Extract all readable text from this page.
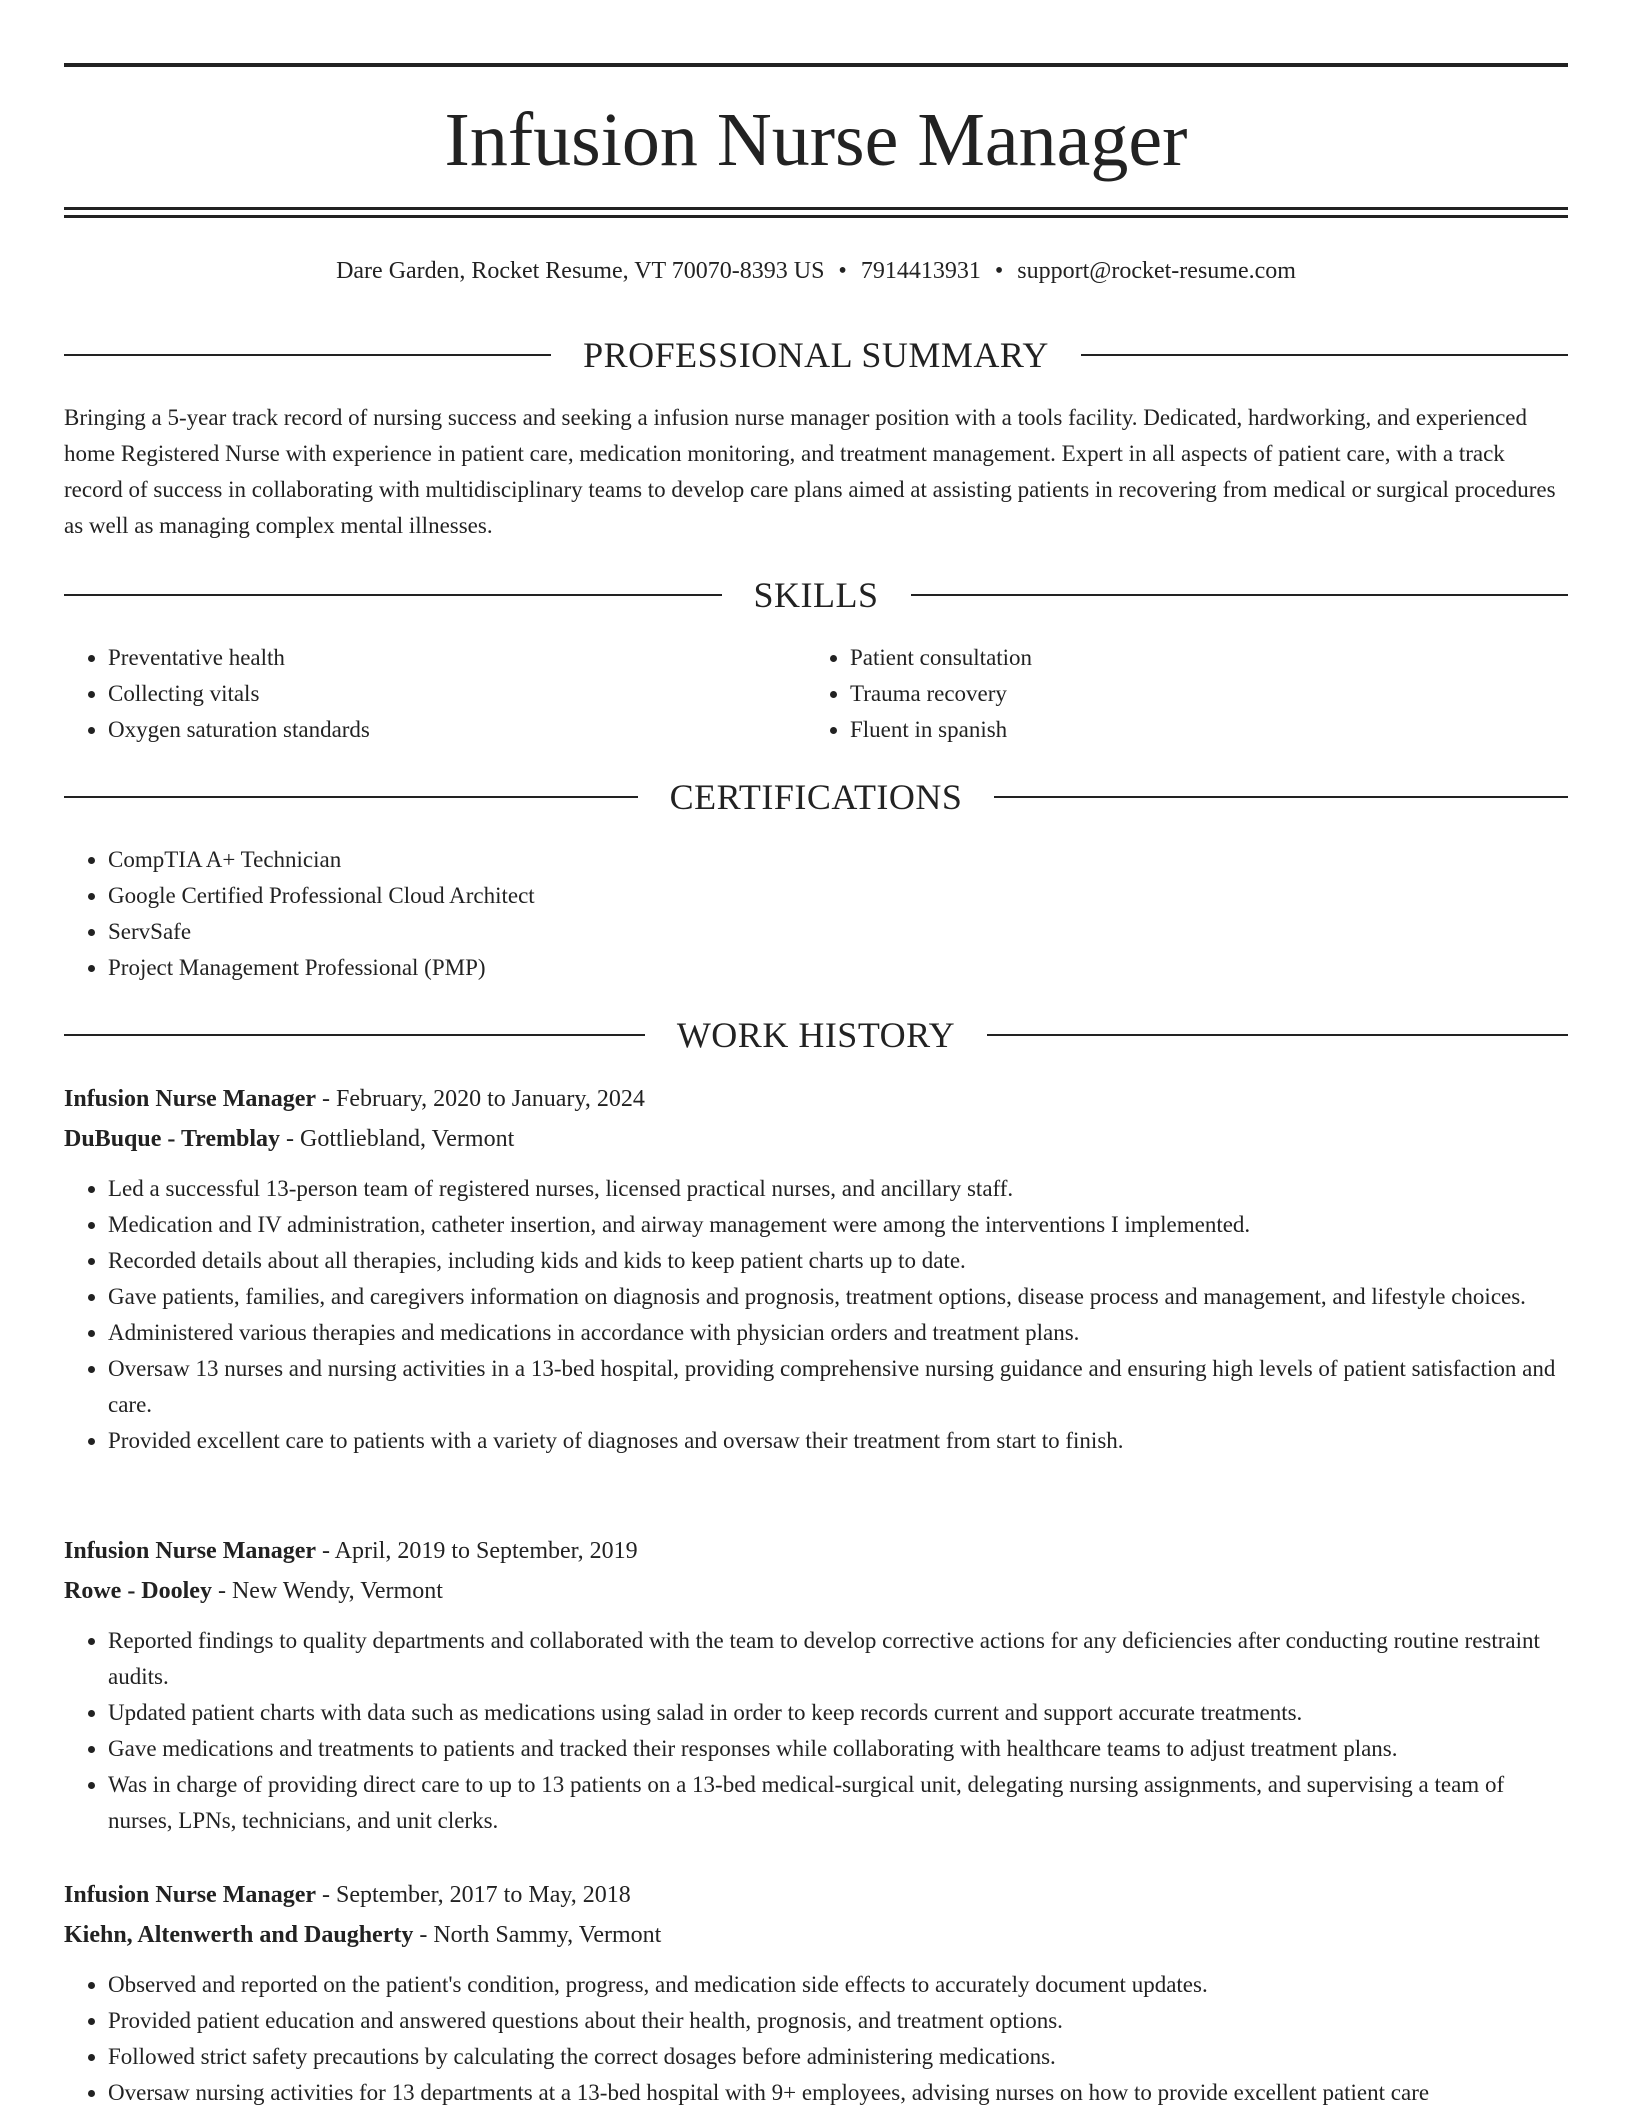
Infusion Nurse Manager
Dare Garden, Rocket Resume, VT 70070-8393 US • 7914413931 • support@rocket-resume.com
PROFESSIONAL SUMMARY

Bringing a 5-year track record of nursing success and seeking a infusion nurse manager position with a tools facility. Dedicated, hardworking, and experienced home Registered Nurse with experience in patient care, medication monitoring, and treatment management. Expert in all aspects of patient care, with a track record of success in collaborating with multidisciplinary teams to develop care plans aimed at assisting patients in recovering from medical or surgical procedures as well as managing complex mental illnesses.

SKILLS
• Preventative health
• Collecting vitals
• Oxygen saturation standards
• Patient consultation
• Trauma recovery
• Fluent in spanish
CERTIFICATIONS
• CompTIA A+ Technician
• Google Certified Professional Cloud Architect
• ServSafe
• Project Management Professional (PMP)
WORK HISTORY
Infusion Nurse Manager - February, 2020 to January, 2024
DuBuque - Tremblay - Gottliebland, Vermont
• Led a successful 13-person team of registered nurses, licensed practical nurses, and ancillary staff.
• Medication and IV administration, catheter insertion, and airway management were among the interventions I implemented.
• Recorded details about all therapies, including kids and kids to keep patient charts up to date.
• Gave patients, families, and caregivers information on diagnosis and prognosis, treatment options, disease process and management, and lifestyle choices.
• Administered various therapies and medications in accordance with physician orders and treatment plans.
• Oversaw 13 nurses and nursing activities in a 13-bed hospital, providing comprehensive nursing guidance and ensuring high levels of patient satisfaction and care.
• Provided excellent care to patients with a variety of diagnoses and oversaw their treatment from start to finish.
Infusion Nurse Manager - April, 2019 to September, 2019
Rowe - Dooley - New Wendy, Vermont
• Reported findings to quality departments and collaborated with the team to develop corrective actions for any deficiencies after conducting routine restraint audits.
• Updated patient charts with data such as medications using salad in order to keep records current and support accurate treatments.
• Gave medications and treatments to patients and tracked their responses while collaborating with healthcare teams to adjust treatment plans.
• Was in charge of providing direct care to up to 13 patients on a 13-bed medical-surgical unit, delegating nursing assignments, and supervising a team of nurses, LPNs, technicians, and unit clerks.
Infusion Nurse Manager - September, 2017 to May, 2018
Kiehn, Altenwerth and Daugherty - North Sammy, Vermont
• Observed and reported on the patient's condition, progress, and medication side effects to accurately document updates.
• Provided patient education and answered questions about their health, prognosis, and treatment options.
• Followed strict safety precautions by calculating the correct dosages before administering medications.
• Oversaw nursing activities for 13 departments at a 13-bed hospital with 9+ employees, advising nurses on how to provide excellent patient care
